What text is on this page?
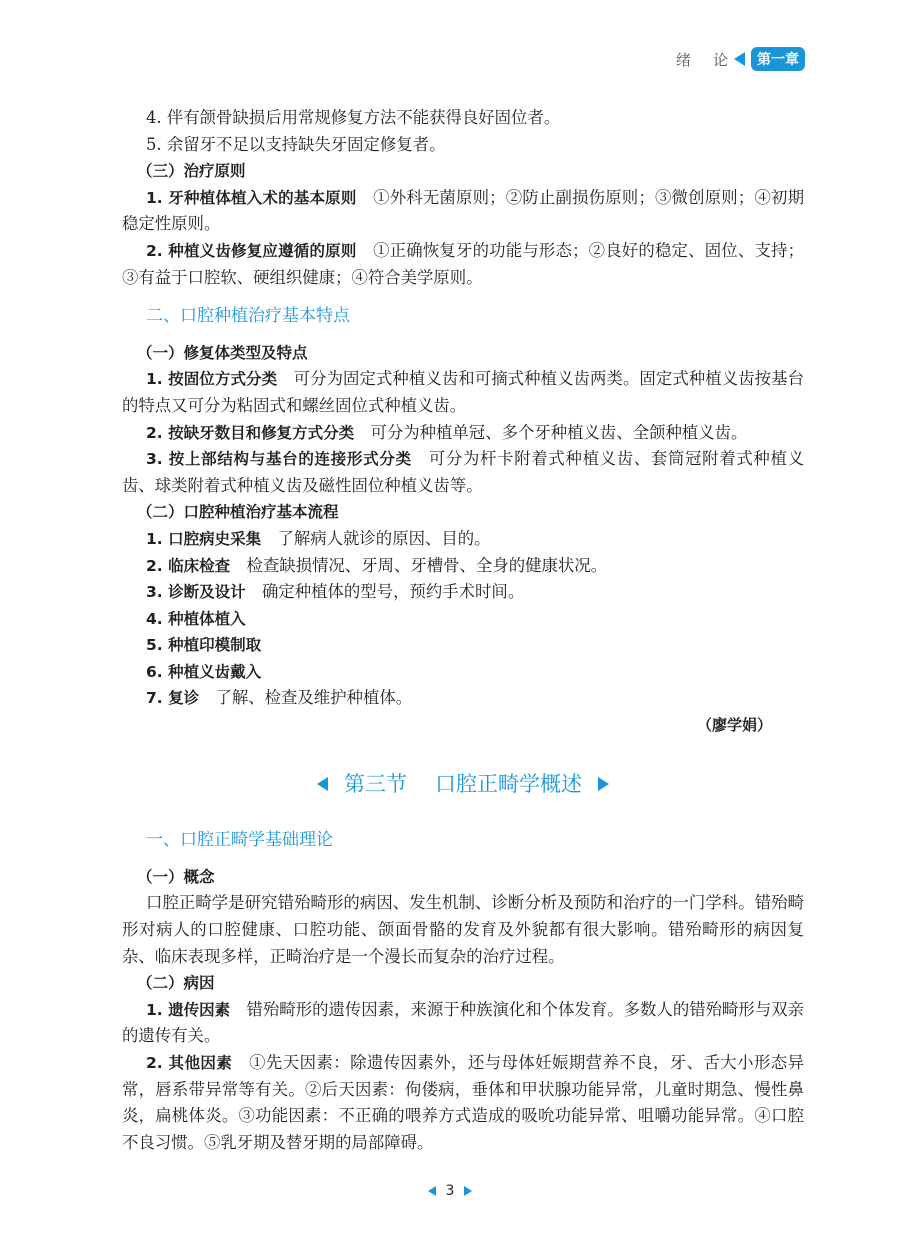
绪论 第一章

4. 伴有颌骨缺损后用常规修复方法不能获得良好固位者。

5. 余留牙不足以支持缺失牙固定修复者。

（三）治疗原则

1. 牙种植体植入术的基本原则  ①外科无菌原则；②防止副损伤原则；③微创原则；④初期稳定性原则。

2. 种植义齿修复应遵循的原则  ①正确恢复牙的功能与形态；②良好的稳定、固位、支持；③有益于口腔软、硬组织健康；④符合美学原则。

二、口腔种植治疗基本特点
（一）修复体类型及特点

1. 按固位方式分类  可分为固定式种植义齿和可摘式种植义齿两类。固定式种植义齿按基台的特点又可分为粘固式和螺丝固位式种植义齿。

2. 按缺牙数目和修复方式分类  可分为种植单冠、多个牙种植义齿、全颌种植义齿。

3. 按上部结构与基台的连接形式分类  可分为杆卡附着式种植义齿、套筒冠附着式种植义齿、球类附着式种植义齿及磁性固位种植义齿等。

（二）口腔种植治疗基本流程

1. 口腔病史采集  了解病人就诊的原因、目的。

2. 临床检查  检查缺损情况、牙周、牙槽骨、全身的健康状况。

3. 诊断及设计  确定种植体的型号，预约手术时间。

4. 种植体植入

5. 种植印模制取

6. 种植义齿戴入

7. 复诊  了解、检查及维护种植体。

（廖学娟）
第三节 口腔正畸学概述
一、口腔正畸学基础理论
（一）概念

口腔正畸学是研究错殆畸形的病因、发生机制、诊断分析及预防和治疗的一门学科。错殆畸形对病人的口腔健康、口腔功能、颌面骨骼的发育及外貌都有很大影响。错殆畸形的病因复杂、临床表现多样，正畸治疗是一个漫长而复杂的治疗过程。

（二）病因

1. 遗传因素  错殆畸形的遗传因素，来源于种族演化和个体发育。多数人的错殆畸形与双亲的遗传有关。

2. 其他因素  ①先天因素：除遗传因素外，还与母体妊娠期营养不良，牙、舌大小形态异常，唇系带异常等有关。②后天因素：佝偻病，垂体和甲状腺功能异常，儿童时期急、慢性鼻炎，扁桃体炎。③功能因素：不正确的喂养方式造成的吸吮功能异常、咀嚼功能异常。④口腔不良习惯。⑤乳牙期及替牙期的局部障碍。

3
